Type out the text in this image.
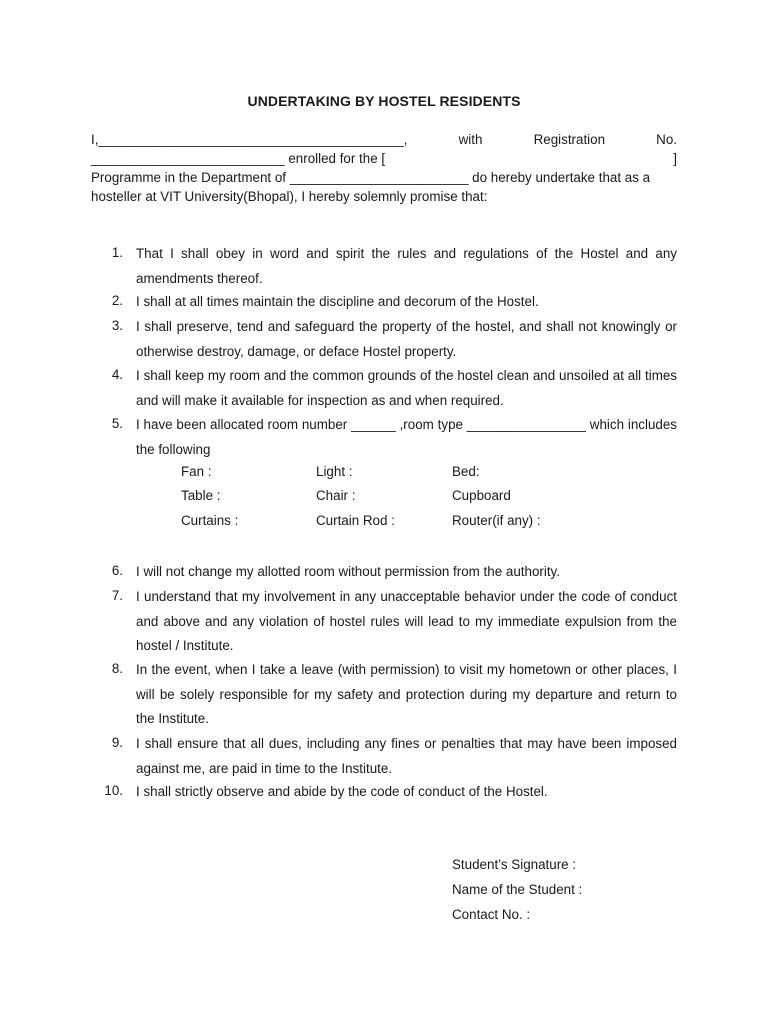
UNDERTAKING BY HOSTEL RESIDENTS
I,_________________________________________,	with	Registration	No.
__________________________ enrolled for the [	]
Programme in the Department of ________________________ do hereby undertake that as a
hosteller at VIT University(Bhopal), I hereby solemnly promise that:
1. That I shall obey in word and spirit the rules and regulations of the Hostel and any amendments thereof.
2. I shall at all times maintain the discipline and decorum of the Hostel.
3. I shall preserve, tend and safeguard the property of the hostel, and shall not knowingly or otherwise destroy, damage, or deface Hostel property.
4. I shall keep my room and the common grounds of the hostel clean and unsoiled at all times and will make it available for inspection as and when required.
5. I have been allocated room number ______ ,room type ________________ which includes the following
Fan :	Light :	Bed:
Table :	Chair :	Cupboard
Curtains :	Curtain Rod :	Router(if any) :
6. I will not change my allotted room without permission from the authority.
7. I understand that my involvement in any unacceptable behavior under the code of conduct and above and any violation of hostel rules will lead to my immediate expulsion from the hostel / Institute.
8. In the event, when I take a leave (with permission) to visit my hometown or other places, I will be solely responsible for my safety and protection during my departure and return to the Institute.
9. I shall ensure that all dues, including any fines or penalties that may have been imposed against me, are paid in time to the Institute.
10. I shall strictly observe and abide by the code of conduct of the Hostel.
Student’s Signature :
Name of the Student :
Contact No. :
